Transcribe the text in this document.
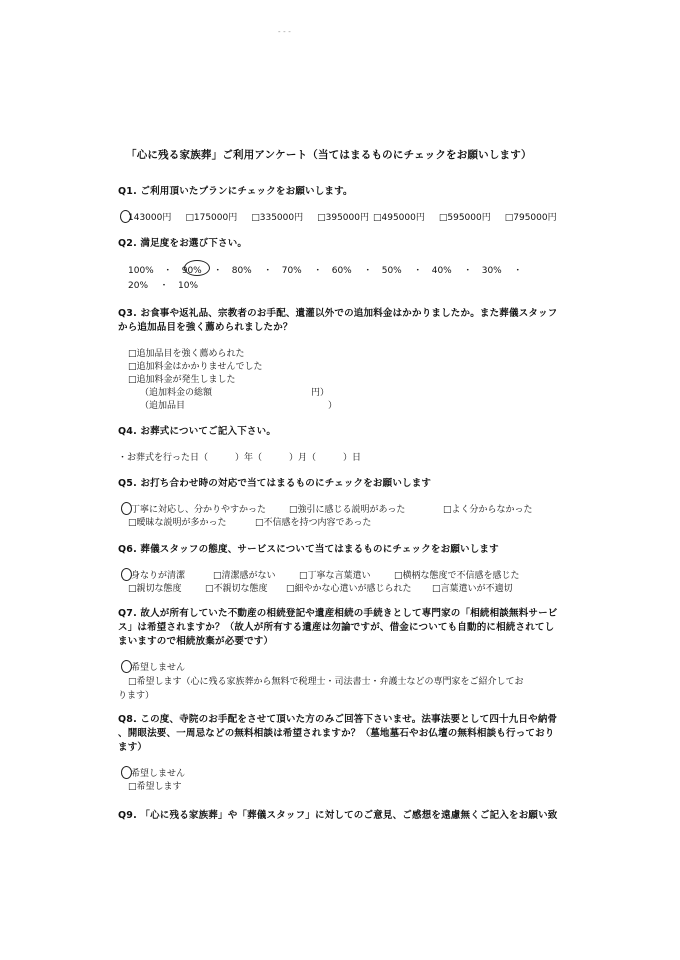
- - -
「心に残る家族葬」ご利用アンケート（当てはまるものにチェックをお願いします）
Q1. ご利用頂いたプランにチェックをお願いします。
143000円 □175000円 □335000円 □395000円 □495000円 □595000円 □795000円
Q2. 満足度をお選び下さい。
100% ・ 90% ・ 80% ・ 70% ・ 60% ・ 50% ・ 40% ・ 30% ・
20% ・ 10%
Q3. お食事や返礼品、宗教者のお手配、遺灌以外での追加料金はかかりましたか。また葬儀スタッフ
から追加品目を強く薦められましたか？
□追加品目を強く薦められた
□追加料金はかかりませんでした
□追加料金が発生しました
（追加料金の総額	円）
（追加品目	）
Q4. お葬式についてご記入下さい。
・お葬式を行った日（　　　）年（　　　）月（　　　）日
Q5. お打ち合わせ時の対応で当てはまるものにチェックをお願いします
丁寧に対応し、分かりやすかった	□強引に感じる説明があった	□よく分からなかった
□曖昧な説明が多かった	□不信感を持つ内容であった
Q6. 葬儀スタッフの態度、サービスについて当てはまるものにチェックをお願いします
身なりが清潔	□清潔感がない	□丁寧な言葉遣い	□横柄な態度で不信感を感じた
□親切な態度	□不親切な態度 □細やかな心遣いが感じられた □言葉遣いが不適切
Q7. 故人が所有していた不動産の相続登記や遺産相続の手続きとして専門家の「相続相談無料サービ
ス」は希望されますか？（故人が所有する遺産は勿論ですが、借金についても自動的に相続されてし
まいますので相続放棄が必要です）
希望しません
□希望します（心に残る家族葬から無料で税理士・司法書士・弁護士などの専門家をご紹介してお
ります）
Q8. この度、寺院のお手配をさせて頂いた方のみご回答下さいませ。法事法要として四十九日や納骨
、開眼法要、一周忌などの無料相談は希望されますか？（墓地墓石やお仏壇の無料相談も行っており
ます）
希望しません
□希望します
Q9. 「心に残る家族葬」や「葬儀スタッフ」に対してのご意見、ご感想を遠慮無くご記入をお願い致
